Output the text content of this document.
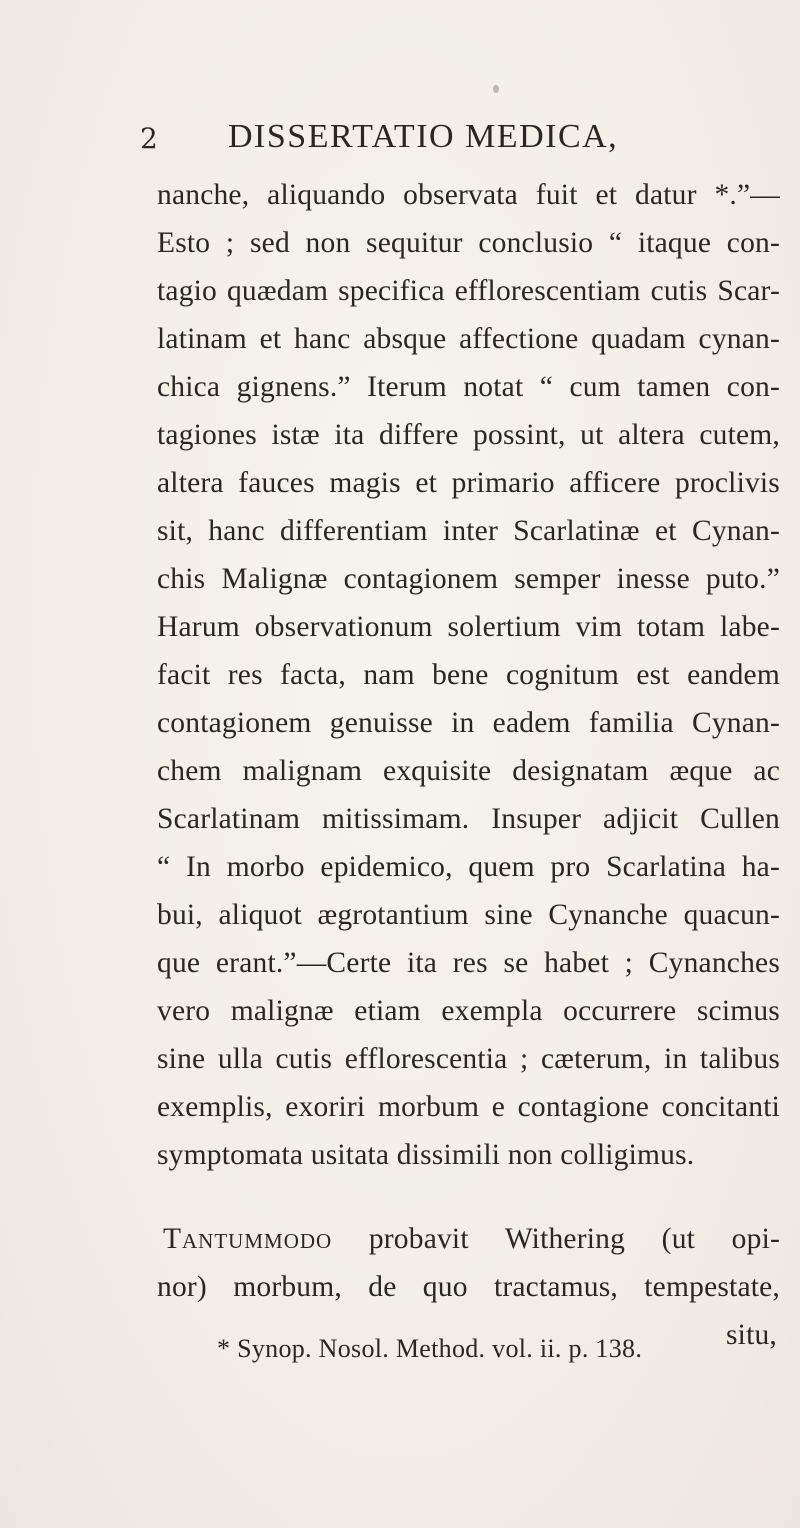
2 DISSERTATIO MEDICA,
nanche, aliquando observata fuit et datur *.”—
Esto ; sed non sequitur conclusio “ itaque con-
tagio quædam specifica efflorescentiam cutis Scar-
latinam et hanc absque affectione quadam cynan-
chica gignens.” Iterum notat “ cum tamen con-
tagiones istæ ita differe possint, ut altera cutem,
altera fauces magis et primario afficere proclivis
sit, hanc differentiam inter Scarlatinæ et Cynan-
chis Malignæ contagionem semper inesse puto.”
Harum observationum solertium vim totam labe-
facit res facta, nam bene cognitum est eandem
contagionem genuisse in eadem familia Cynan-
chem malignam exquisite designatam æque ac
Scarlatinam mitissimam. Insuper adjicit Cullen
“ In morbo epidemico, quem pro Scarlatina ha-
bui, aliquot ægrotantium sine Cynanche quacun-
que erant.”—Certe ita res se habet ; Cynanches
vero malignæ etiam exempla occurrere scimus
sine ulla cutis efflorescentia ; cæterum, in talibus
exemplis, exoriri morbum e contagione concitanti
symptomata usitata dissimili non colligimus.
Tantummodo probavit Withering (ut opi-
nor) morbum, de quo tractamus, tempestate,
situ,
* Synop. Nosol. Method. vol. ii. p. 138.
